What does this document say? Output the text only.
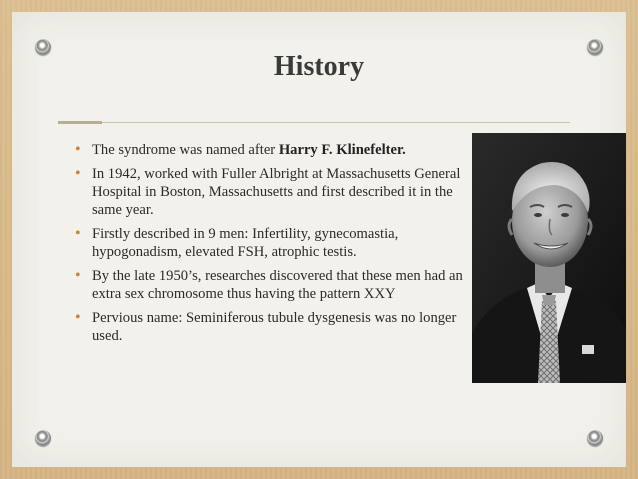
History
• The syndrome was named after Harry F. Klinefelter.
• In 1942, worked with Fuller Albright at Massachusetts General Hospital in Boston, Massachusetts and first described it in the same year.
• Firstly described in 9 men: Infertility, gynecomastia, hypogonadism, elevated FSH, atrophic testis.
• By the late 1950’s, researches discovered that these men had an extra sex chromosome thus having the pattern XXY
• Pervious name: Seminiferous tubule dysgenesis was no longer used.
